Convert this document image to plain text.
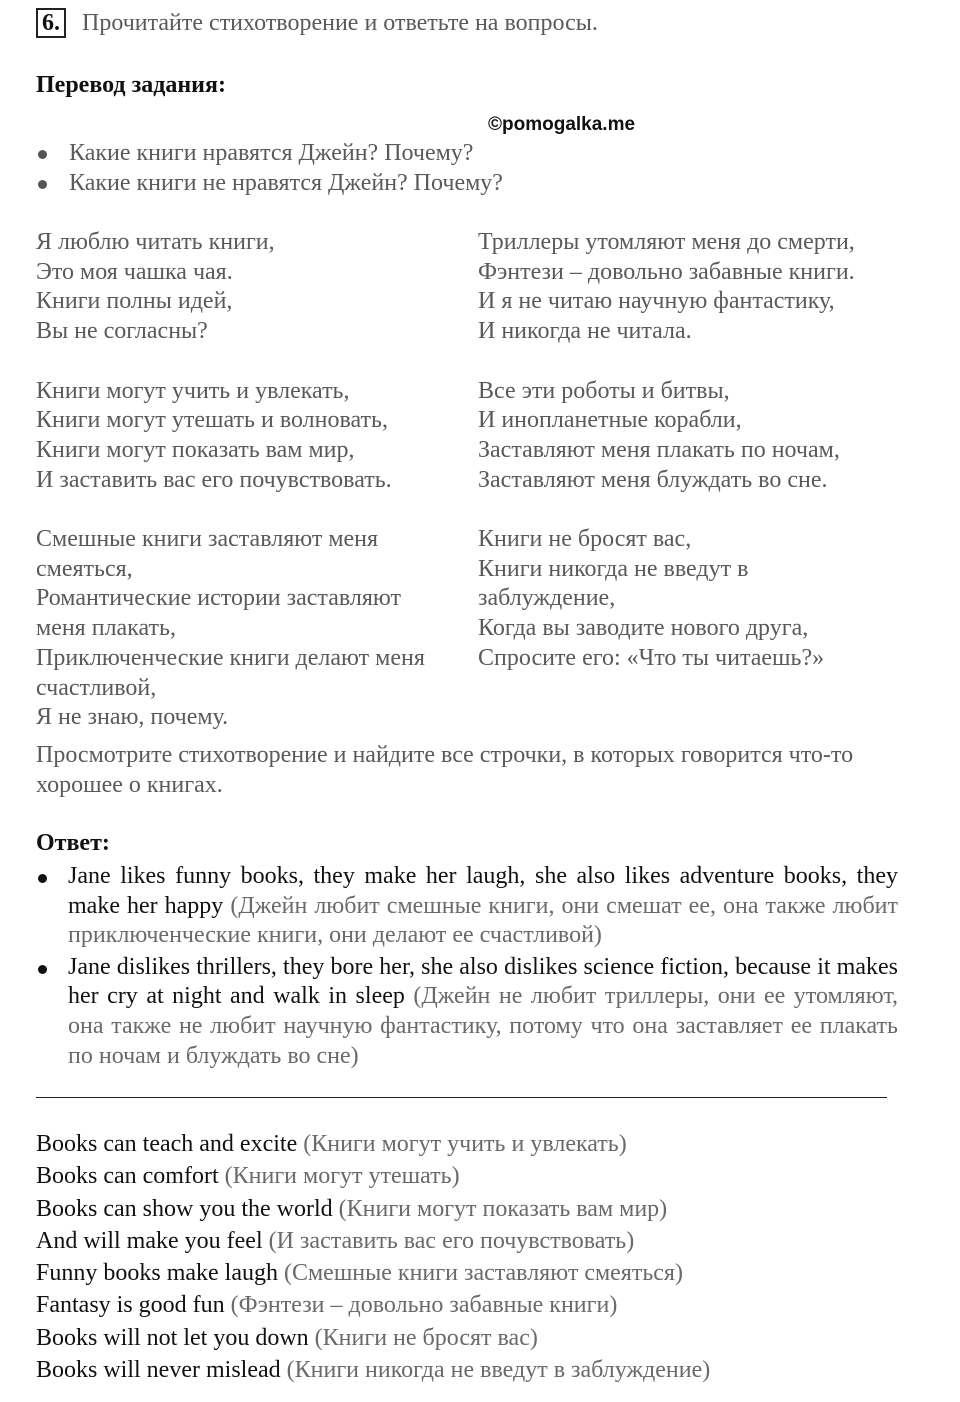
6. Прочитайте стихотворение и ответьте на вопросы.
Перевод задания:
©pomogalka.me
Какие книги нравятся Джейн? Почему?
Какие книги не нравятся Джейн? Почему?
Я люблю читать книги,
Это моя чашка чая.
Книги полны идей,
Вы не согласны?
Книги могут учить и увлекать,
Книги могут утешать и волновать,
Книги могут показать вам мир,
И заставить вас его почувствовать.
Смешные книги заставляют меня
смеяться,
Романтические истории заставляют
меня плакать,
Приключенческие книги делают меня
счастливой,
Я не знаю, почему.
Триллеры утомляют меня до смерти,
Фэнтези – довольно забавные книги.
И я не читаю научную фантастику,
И никогда не читала.
Все эти роботы и битвы,
И инопланетные корабли,
Заставляют меня плакать по ночам,
Заставляют меня блуждать во сне.
Книги не бросят вас,
Книги никогда не введут в
заблуждение,
Когда вы заводите нового друга,
Спросите его: «Что ты читаешь?»
Просмотрите стихотворение и найдите все строчки, в которых говорится что-то хорошее о книгах.
Ответ:
Jane likes funny books, they make her laugh, she also likes adventure books, they make her happy (Джейн любит смешные книги, они смешат ее, она также любит приключенческие книги, они делают ее счастливой)
Jane dislikes thrillers, they bore her, she also dislikes science fiction, because it makes her cry at night and walk in sleep (Джейн не любит триллеры, они ее утомляют, она также не любит научную фантастику, потому что она заставляет ее плакать по ночам и блуждать во сне)
Books can teach and excite (Книги могут учить и увлекать)
Books can comfort (Книги могут утешать)
Books can show you the world (Книги могут показать вам мир)
And will make you feel (И заставить вас его почувствовать)
Funny books make laugh (Смешные книги заставляют смеяться)
Fantasy is good fun (Фэнтези – довольно забавные книги)
Books will not let you down (Книги не бросят вас)
Books will never mislead (Книги никогда не введут в заблуждение)
